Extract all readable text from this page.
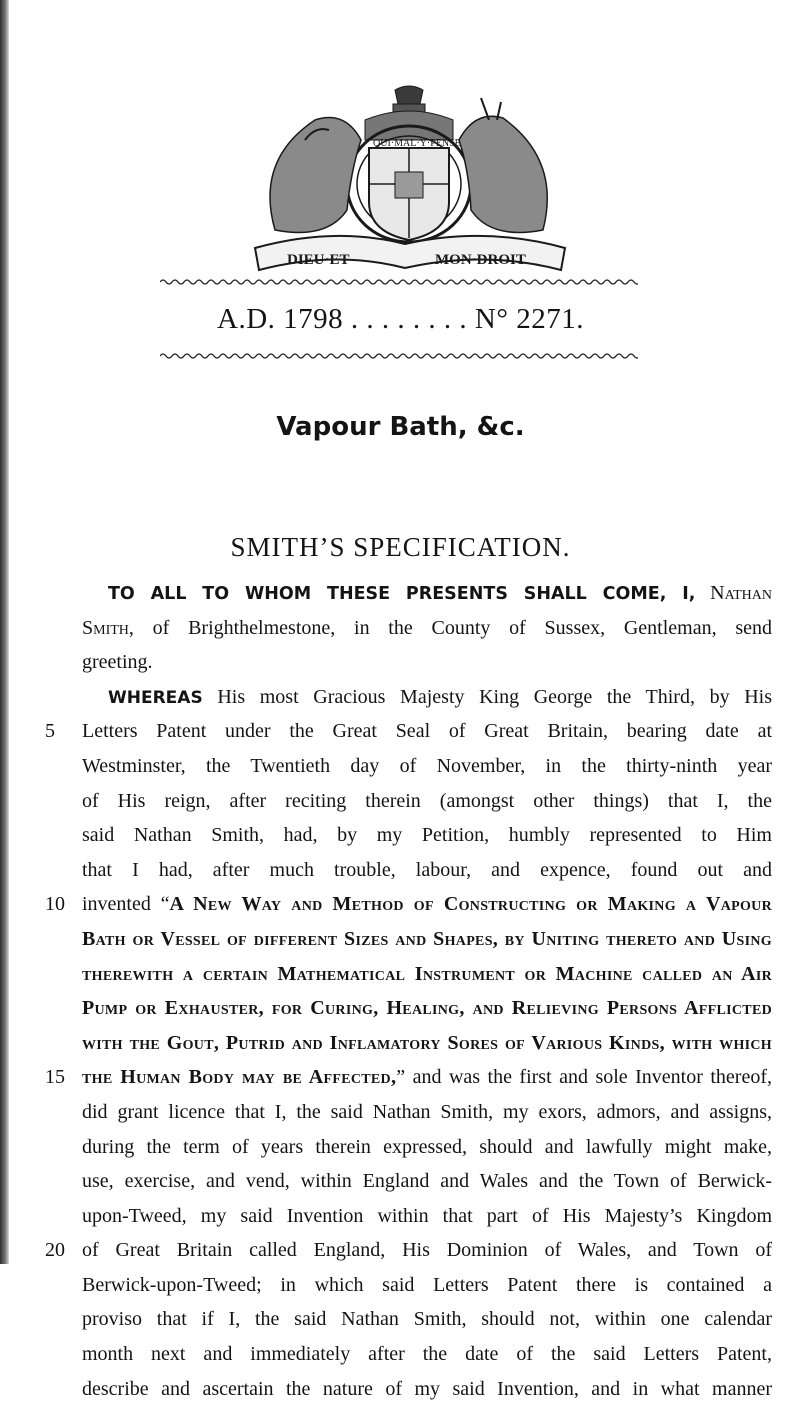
DIEU·ET	MON·DROIT
QUI·MAL·Y·PENSE
A.D. 1798 . . . . . . . . N° 2271.
Vapour Bath, &c.
SMITH’S SPECIFICATION.
TO ALL TO WHOM THESE PRESENTS SHALL COME, I, Nathan
Smith, of Brighthelmestone, in the County of Sussex, Gentleman, send
greeting.
WHEREAS His most Gracious Majesty King George the Third, by His
5	Letters Patent under the Great Seal of Great Britain, bearing date at
Westminster, the Twentieth day of November, in the thirty-ninth year
of His reign, after reciting therein (amongst other things) that I, the
said Nathan Smith, had, by my Petition, humbly represented to Him
that I had, after much trouble, labour, and expence, found out and
10 invented “A New Way and Method of Constructing or Making a Vapour
Bath or Vessel of different Sizes and Shapes, by Uniting thereto and Using
therewith a certain Mathematical Instrument or Machine called an Air
Pump or Exhauster, for Curing, Healing, and Relieving Persons Afflicted
with the Gout, Putrid and Inflamatory Sores of Various Kinds, with which
15 the Human Body may be Affected,” and was the first and sole Inventor thereof,
did grant licence that I, the said Nathan Smith, my exors, admors, and assigns,
during the term of years therein expressed, should and lawfully might make,
use, exercise, and vend, within England and Wales and the Town of Berwick-
upon-Tweed, my said Invention within that part of His Majesty’s Kingdom
20 of Great Britain called England, His Dominion of Wales, and Town of
Berwick-upon-Tweed; in which said Letters Patent there is contained a
proviso that if I, the said Nathan Smith, should not, within one calendar
month next and immediately after the date of the said Letters Patent,
describe and ascertain the nature of my said Invention, and in what manner
